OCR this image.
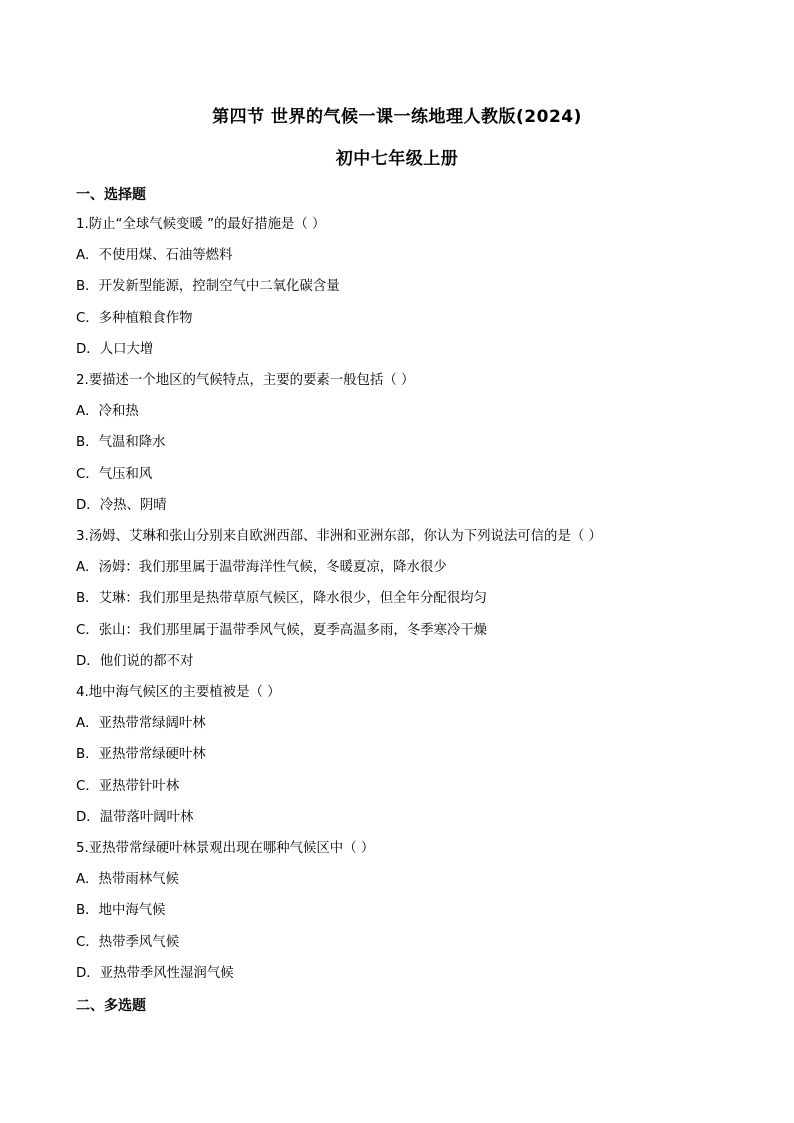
第四节 世界的气候一课一练地理人教版(2024)
初中七年级上册
一、选择题
1.防止“全球气候变暖 ”的最好措施是（ ）
A．不使用煤、石油等燃料
B．开发新型能源，控制空气中二氧化碳含量
C．多种植粮食作物
D．人口大增
2.要描述一个地区的气候特点，主要的要素一般包括（ ）
A．冷和热
B．气温和降水
C．气压和风
D．冷热、阴晴
3.汤姆、艾琳和张山分别来自欧洲西部、非洲和亚洲东部，你认为下列说法可信的是（ ）
A．汤姆：我们那里属于温带海洋性气候，冬暖夏凉，降水很少
B．艾琳：我们那里是热带草原气候区，降水很少，但全年分配很均匀
C．张山：我们那里属于温带季风气候，夏季高温多雨，冬季寒冷干燥
D．他们说的都不对
4.地中海气候区的主要植被是（ ）
A．亚热带常绿阔叶林
B．亚热带常绿硬叶林
C．亚热带针叶林
D．温带落叶阔叶林
5.亚热带常绿硬叶林景观出现在哪种气候区中（ ）
A．热带雨林气候
B．地中海气候
C．热带季风气候
D．亚热带季风性湿润气候
二、多选题
